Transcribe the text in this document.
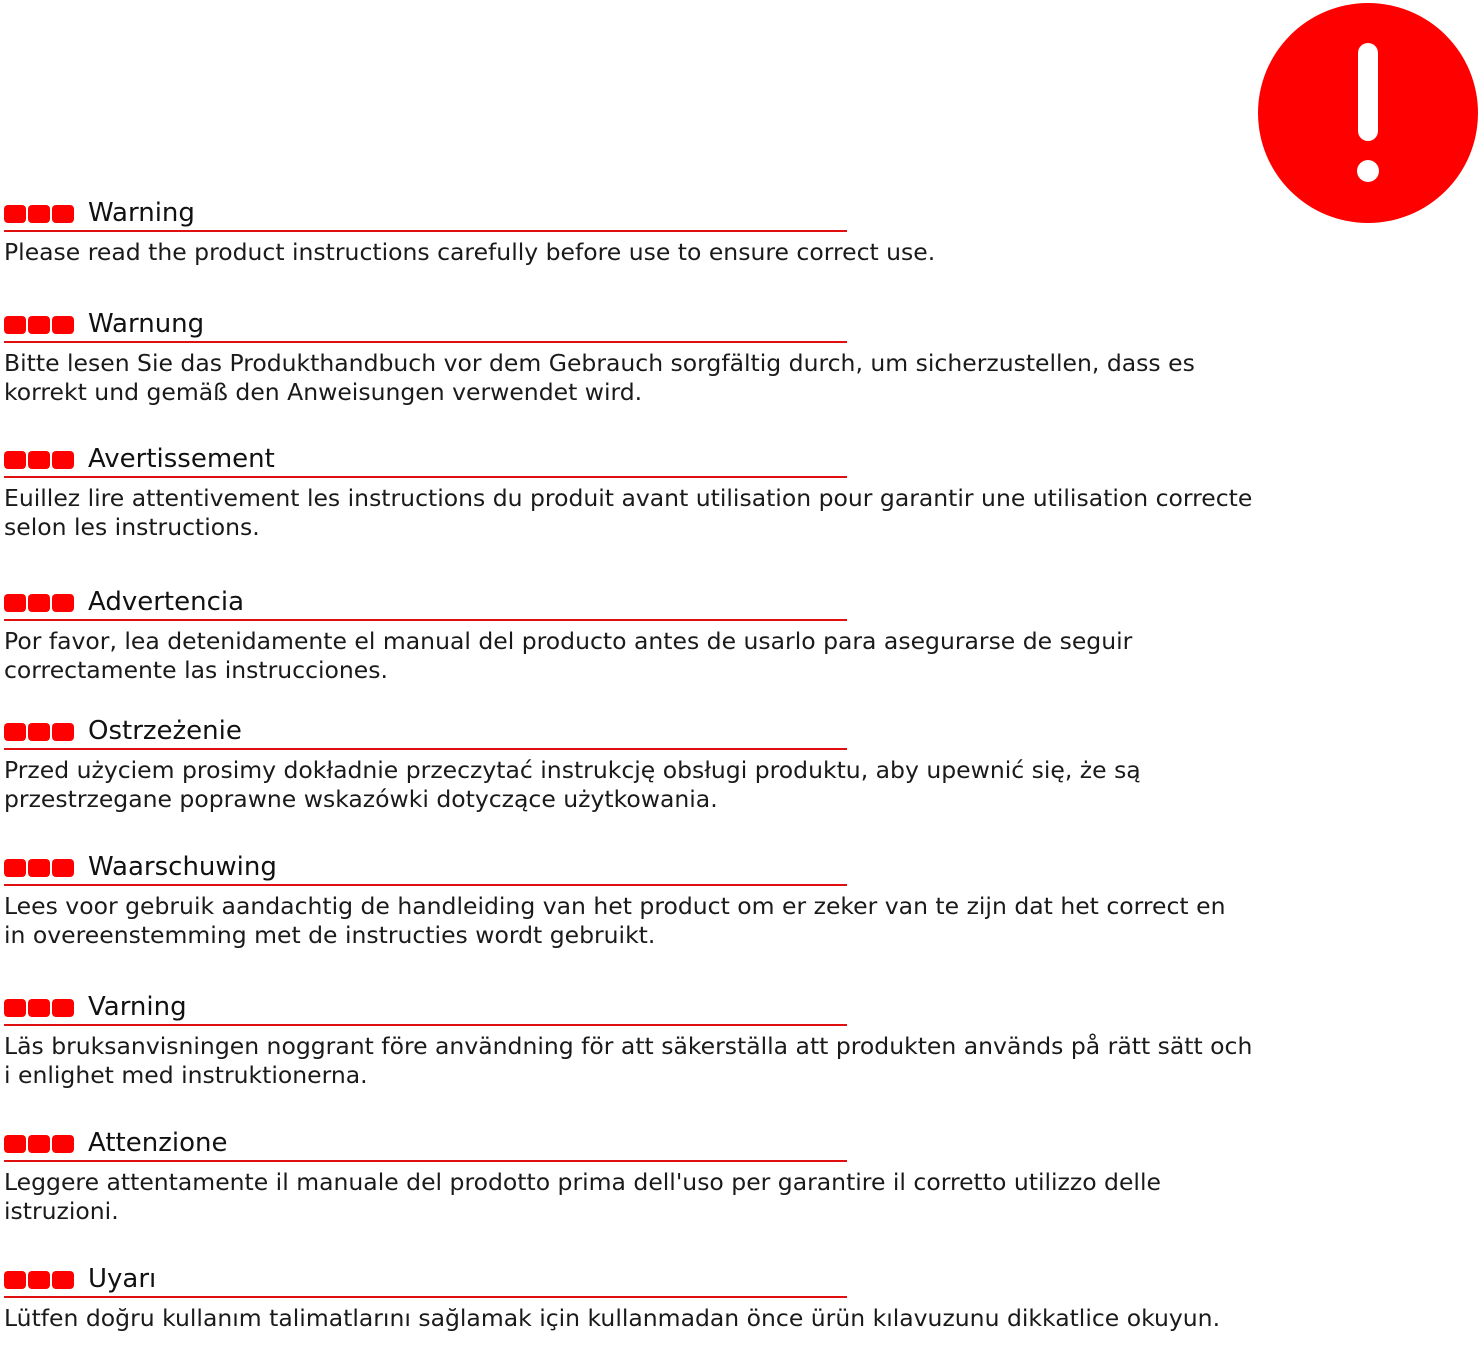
Warning

Please read the product instructions carefully before use to ensure correct use.

Warnung

Bitte lesen Sie das Produkthandbuch vor dem Gebrauch sorgfältig durch, um sicherzustellen, dass es korrekt und gemäß den Anweisungen verwendet wird.

Avertissement

Euillez lire attentivement les instructions du produit avant utilisation pour garantir une utilisation correcte selon les instructions.

Advertencia

Por favor, lea detenidamente el manual del producto antes de usarlo para asegurarse de seguir correctamente las instrucciones.

Ostrzeżenie

Przed użyciem prosimy dokładnie przeczytać instrukcję obsługi produktu, aby upewnić się, że są przestrzegane poprawne wskazówki dotyczące użytkowania.

Waarschuwing

Lees voor gebruik aandachtig de handleiding van het product om er zeker van te zijn dat het correct en in overeenstemming met de instructies wordt gebruikt.

Varning

Läs bruksanvisningen noggrant före användning för att säkerställa att produkten används på rätt sätt och i enlighet med instruktionerna.

Attenzione

Leggere attentamente il manuale del prodotto prima dell'uso per garantire il corretto utilizzo delle istruzioni.

Uyarı

Lütfen doğru kullanım talimatlarını sağlamak için kullanmadan önce ürün kılavuzunu dikkatlice okuyun.
